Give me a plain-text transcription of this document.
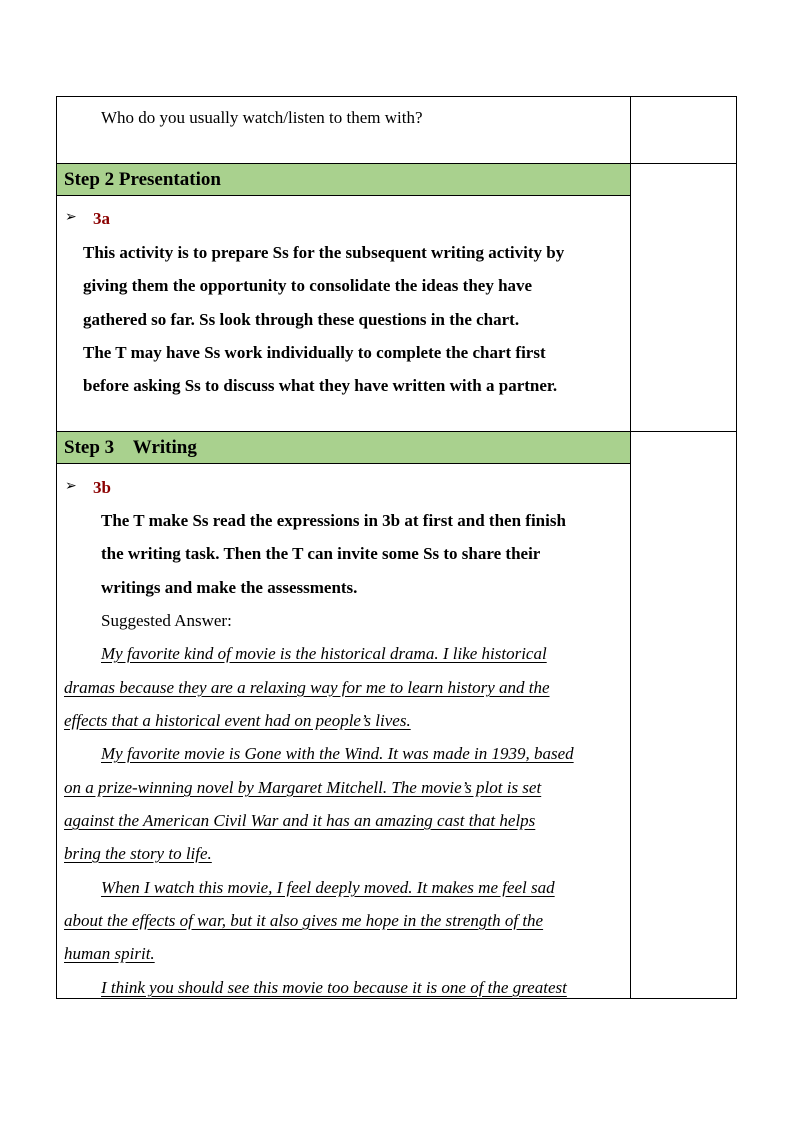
Who do you usually watch/listen to them with?
Step 2 Presentation
➢ 3a
This activity is to prepare Ss for the subsequent writing activity by
giving them the opportunity to consolidate the ideas they have
gathered so far. Ss look through these questions in the chart.
The T may have Ss work individually to complete the chart first
before asking Ss to discuss what they have written with a partner.
Step 3    Writing
➢ 3b
The T make Ss read the expressions in 3b at first and then finish
the writing task. Then the T can invite some Ss to share their
writings and make the assessments.
Suggested Answer:
My favorite kind of movie is the historical drama. I like historical
dramas because they are a relaxing way for me to learn history and the
effects that a historical event had on people’s lives.
My favorite movie is Gone with the Wind. It was made in 1939, based
on a prize-winning novel by Margaret Mitchell. The movie’s plot is set
against the American Civil War and it has an amazing cast that helps
bring the story to life.
When I watch this movie, I feel deeply moved. It makes me feel sad
about the effects of war, but it also gives me hope in the strength of the
human spirit.
I think you should see this movie too because it is one of the greatest
